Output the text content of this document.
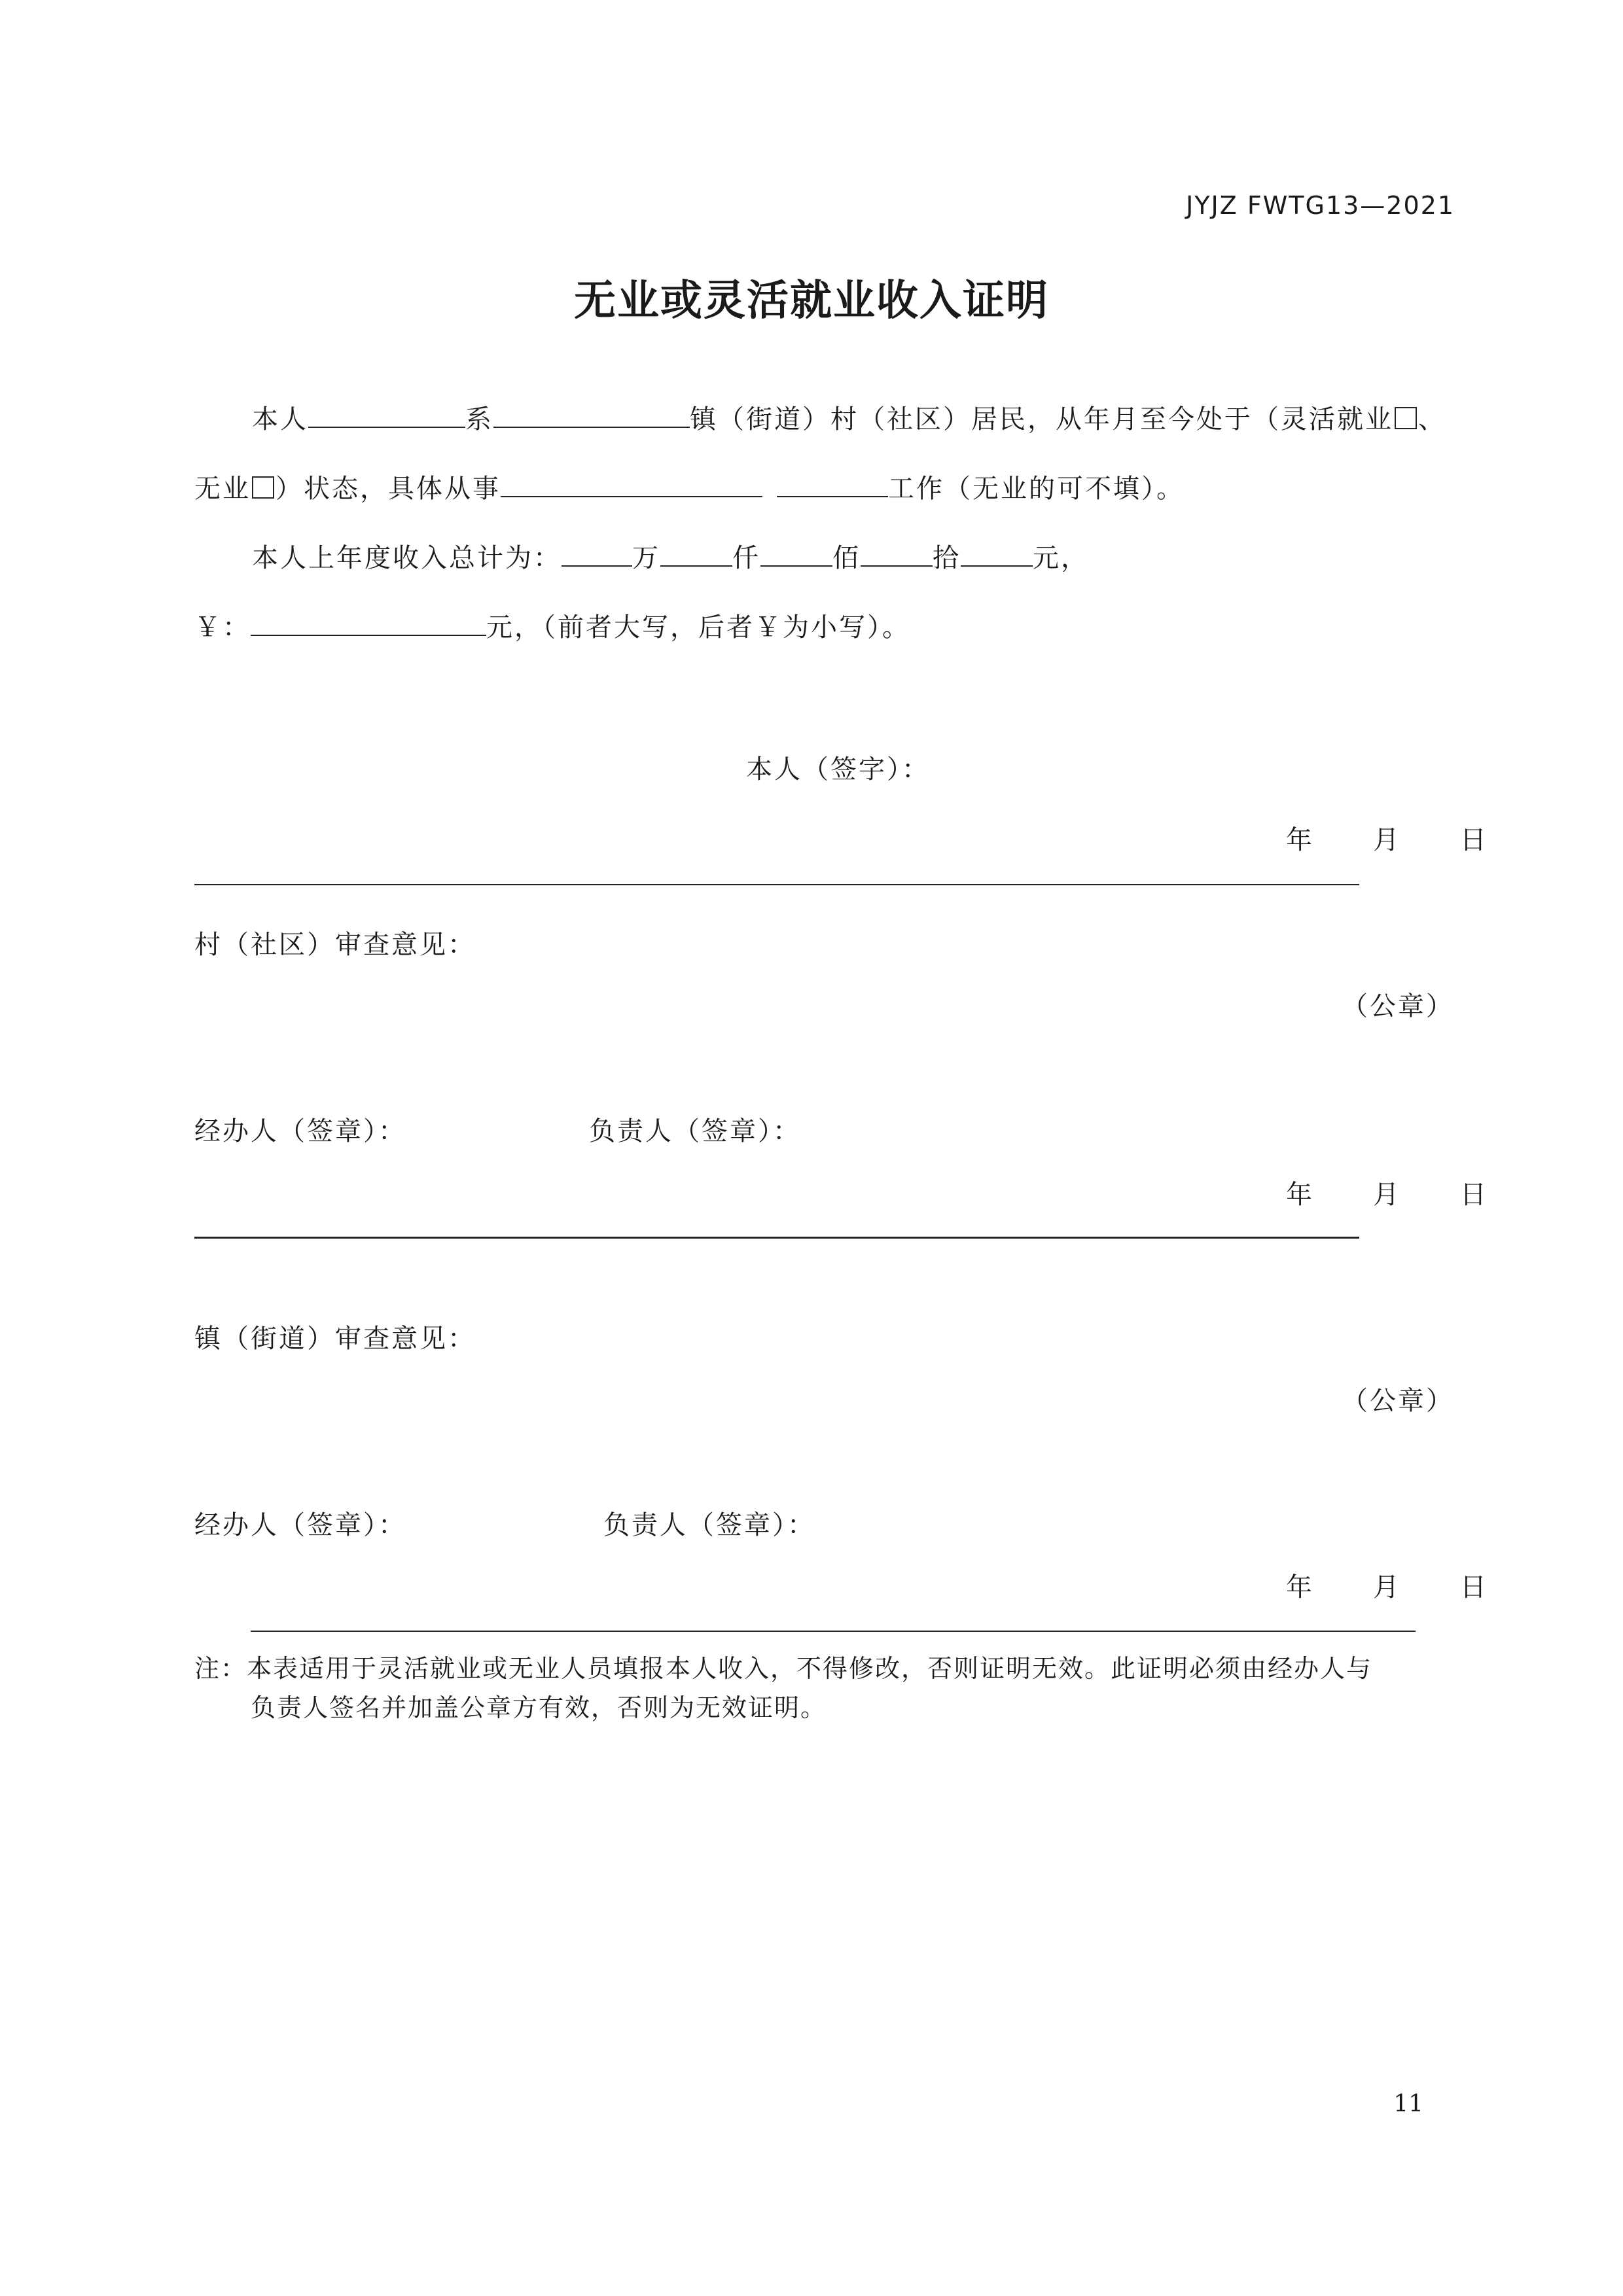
JYJZ FWTG13—2021
无业或灵活就业收入证明
本人	系	镇（街道）村（社区）居民，从年月至今处于（灵活就业 、
无业 ）状态，具体从事	工作（无业的可不填）。
本人上年度收入总计为：	万	仟	佰	拾	元，
￥：	元，（前者大写，后者￥为小写）。
本人（签字）：
年 月 日
村（社区）审查意见：
（公章）
经办人（签章）：	负责人（签章）：
年 月 日
镇（街道）审查意见：
（公章）
经办人（签章）：	负责人（签章）：
年 月 日
注：本表适用于灵活就业或无业人员填报本人收入，不得修改，否则证明无效。此证明必须由经办人与
负责人签名并加盖公章方有效，否则为无效证明。
11
